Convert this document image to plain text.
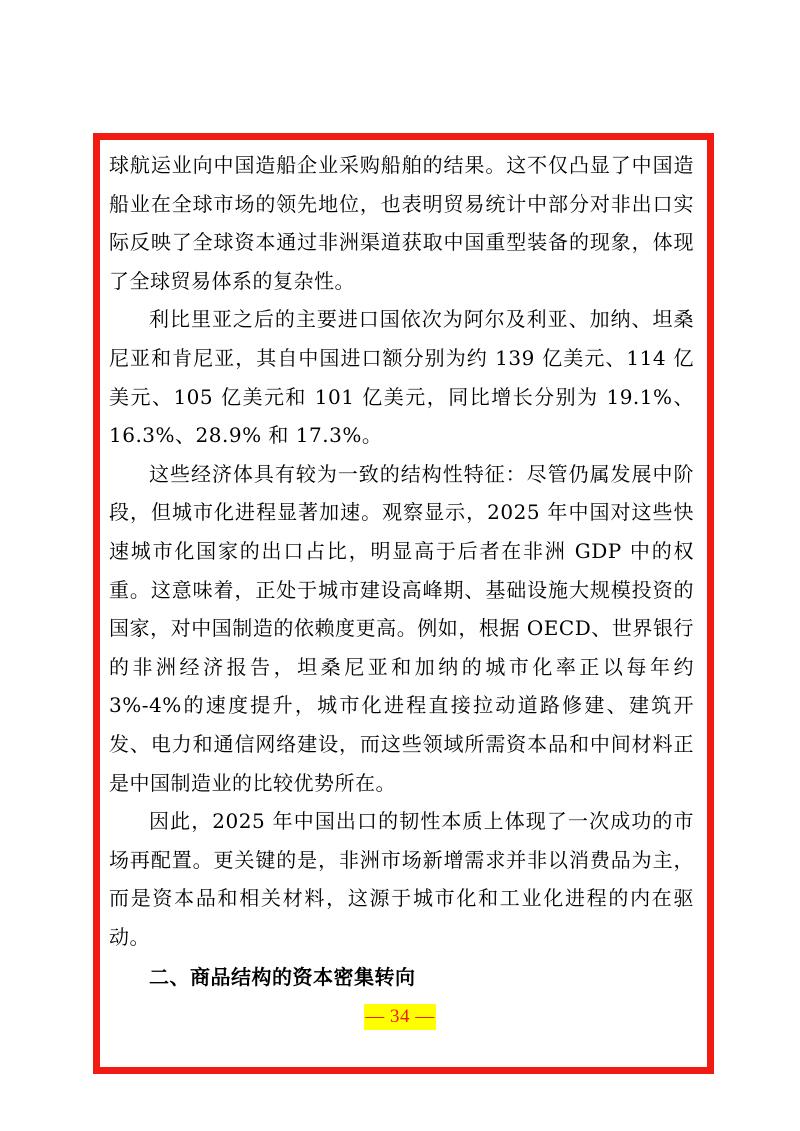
球航运业向中国造船企业采购船舶的结果。这不仅凸显了中国造船业在全球市场的领先地位，也表明贸易统计中部分对非出口实际反映了全球资本通过非洲渠道获取中国重型装备的现象，体现了全球贸易体系的复杂性。

利比里亚之后的主要进口国依次为阿尔及利亚、加纳、坦桑尼亚和肯尼亚，其自中国进口额分别为约 139 亿美元、114 亿美元、105 亿美元和 101 亿美元，同比增长分别为 19.1%、16.3%、28.9% 和 17.3%。

这些经济体具有较为一致的结构性特征：尽管仍属发展中阶段，但城市化进程显著加速。观察显示，2025 年中国对这些快速城市化国家的出口占比，明显高于后者在非洲 GDP 中的权重。这意味着，正处于城市建设高峰期、基础设施大规模投资的国家，对中国制造的依赖度更高。例如，根据 OECD、世界银行的非洲经济报告，坦桑尼亚和加纳的城市化率正以每年约 3%-4%的速度提升，城市化进程直接拉动道路修建、建筑开发、电力和通信网络建设，而这些领域所需资本品和中间材料正是中国制造业的比较优势所在。

因此，2025 年中国出口的韧性本质上体现了一次成功的市场再配置。更关键的是，非洲市场新增需求并非以消费品为主，而是资本品和相关材料，这源于城市化和工业化进程的内在驱动。

二、商品结构的资本密集转向
— 34 —
